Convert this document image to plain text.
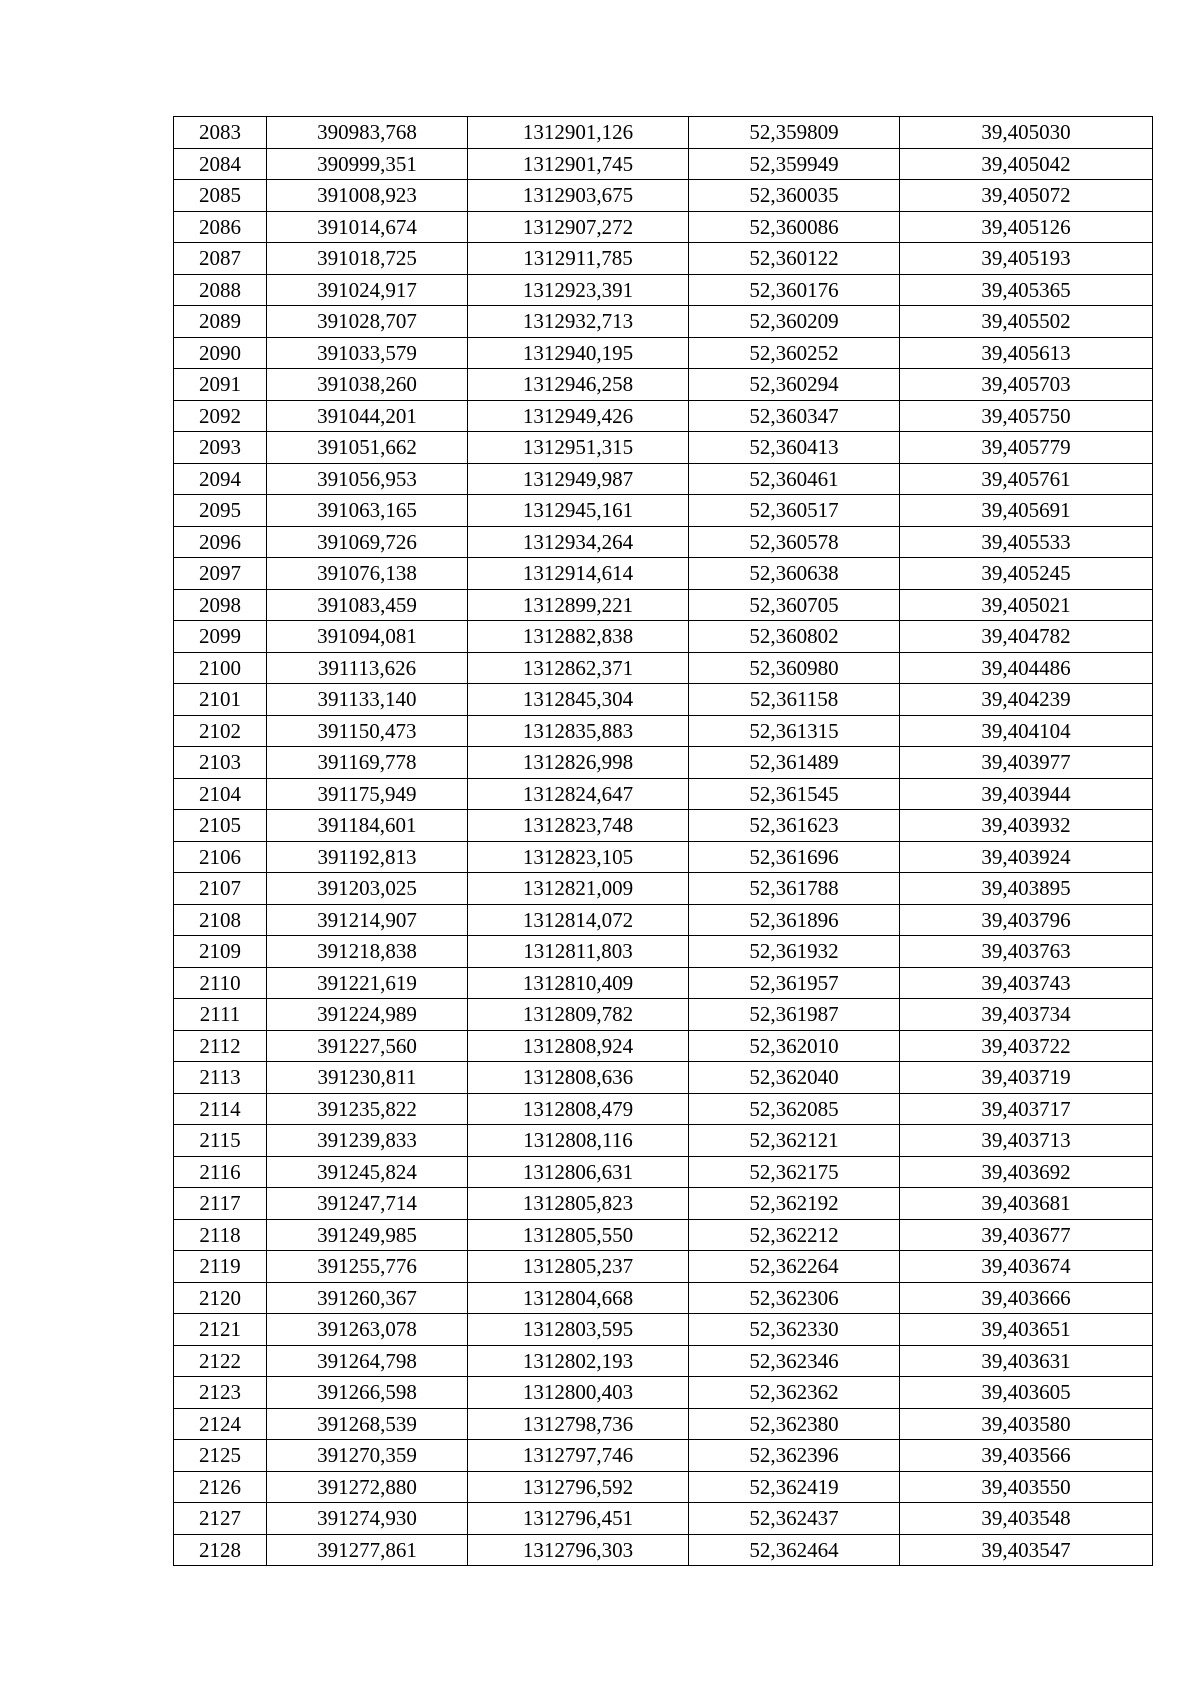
2083	390983,768	1312901,126	52,359809	39,405030
2084	390999,351	1312901,745	52,359949	39,405042
2085	391008,923	1312903,675	52,360035	39,405072
2086	391014,674	1312907,272	52,360086	39,405126
2087	391018,725	1312911,785	52,360122	39,405193
2088	391024,917	1312923,391	52,360176	39,405365
2089	391028,707	1312932,713	52,360209	39,405502
2090	391033,579	1312940,195	52,360252	39,405613
2091	391038,260	1312946,258	52,360294	39,405703
2092	391044,201	1312949,426	52,360347	39,405750
2093	391051,662	1312951,315	52,360413	39,405779
2094	391056,953	1312949,987	52,360461	39,405761
2095	391063,165	1312945,161	52,360517	39,405691
2096	391069,726	1312934,264	52,360578	39,405533
2097	391076,138	1312914,614	52,360638	39,405245
2098	391083,459	1312899,221	52,360705	39,405021
2099	391094,081	1312882,838	52,360802	39,404782
2100	391113,626	1312862,371	52,360980	39,404486
2101	391133,140	1312845,304	52,361158	39,404239
2102	391150,473	1312835,883	52,361315	39,404104
2103	391169,778	1312826,998	52,361489	39,403977
2104	391175,949	1312824,647	52,361545	39,403944
2105	391184,601	1312823,748	52,361623	39,403932
2106	391192,813	1312823,105	52,361696	39,403924
2107	391203,025	1312821,009	52,361788	39,403895
2108	391214,907	1312814,072	52,361896	39,403796
2109	391218,838	1312811,803	52,361932	39,403763
2110	391221,619	1312810,409	52,361957	39,403743
2111	391224,989	1312809,782	52,361987	39,403734
2112	391227,560	1312808,924	52,362010	39,403722
2113	391230,811	1312808,636	52,362040	39,403719
2114	391235,822	1312808,479	52,362085	39,403717
2115	391239,833	1312808,116	52,362121	39,403713
2116	391245,824	1312806,631	52,362175	39,403692
2117	391247,714	1312805,823	52,362192	39,403681
2118	391249,985	1312805,550	52,362212	39,403677
2119	391255,776	1312805,237	52,362264	39,403674
2120	391260,367	1312804,668	52,362306	39,403666
2121	391263,078	1312803,595	52,362330	39,403651
2122	391264,798	1312802,193	52,362346	39,403631
2123	391266,598	1312800,403	52,362362	39,403605
2124	391268,539	1312798,736	52,362380	39,403580
2125	391270,359	1312797,746	52,362396	39,403566
2126	391272,880	1312796,592	52,362419	39,403550
2127	391274,930	1312796,451	52,362437	39,403548
2128	391277,861	1312796,303	52,362464	39,403547
